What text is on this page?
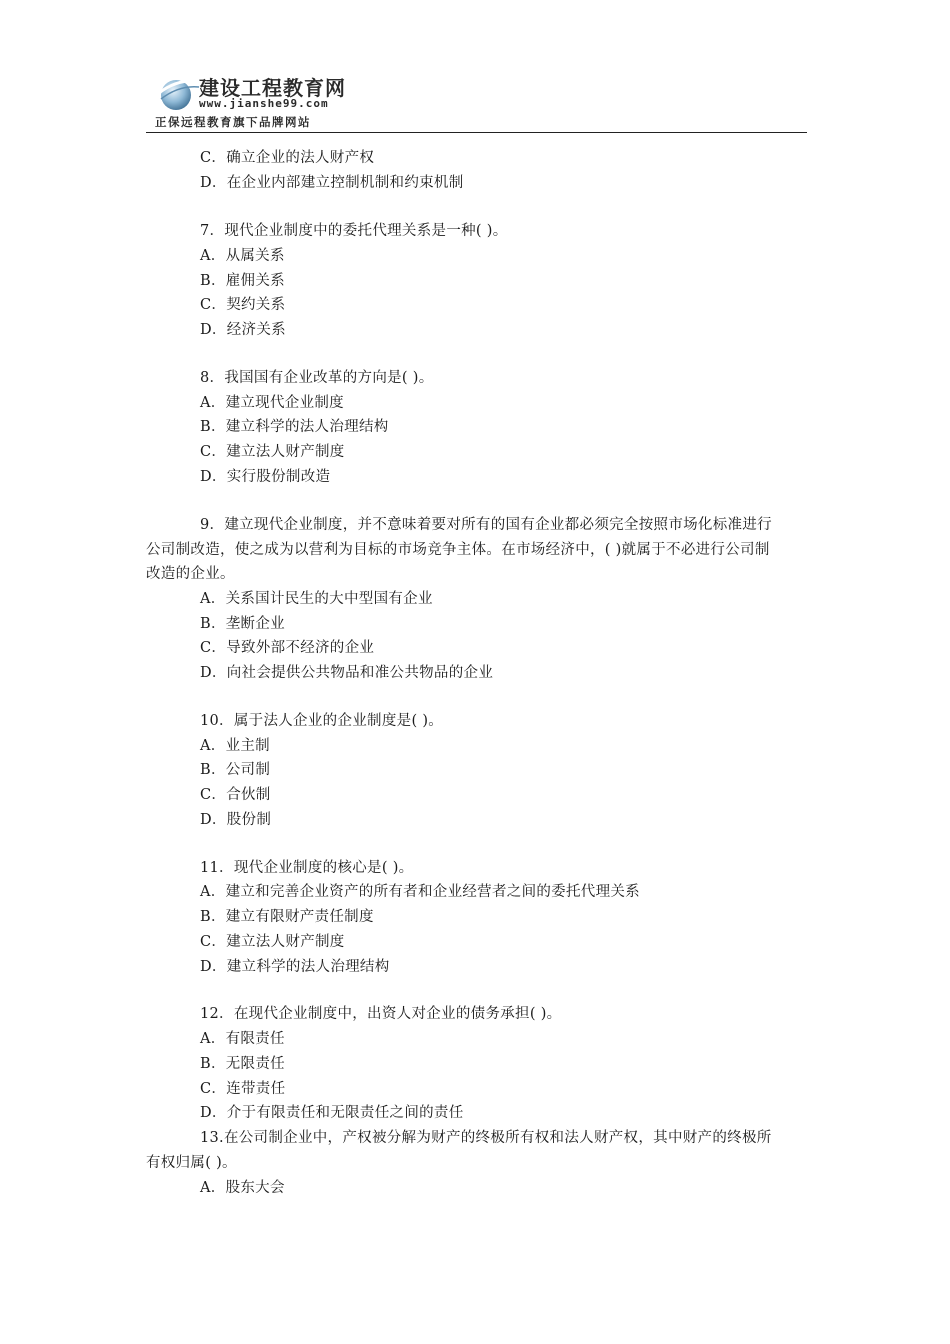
建设工程教育网
www.jianshe99.com
正保远程教育旗下品牌网站
C．确立企业的法人财产权
D．在企业内部建立控制机制和约束机制
7．现代企业制度中的委托代理关系是一种( )。
A．从属关系
B．雇佣关系
C．契约关系
D．经济关系
8．我国国有企业改革的方向是( )。
A．建立现代企业制度
B．建立科学的法人治理结构
C．建立法人财产制度
D．实行股份制改造
9．建立现代企业制度，并不意味着要对所有的国有企业都必须完全按照市场化标准进行
公司制改造，使之成为以营利为目标的市场竞争主体。在市场经济中，( )就属于不必进行公司制
改造的企业。
A．关系国计民生的大中型国有企业
B．垄断企业
C．导致外部不经济的企业
D．向社会提供公共物品和准公共物品的企业
10．属于法人企业的企业制度是( )。
A．业主制
B．公司制
C．合伙制
D．股份制
11．现代企业制度的核心是( )。
A．建立和完善企业资产的所有者和企业经营者之间的委托代理关系
B．建立有限财产责任制度
C．建立法人财产制度
D．建立科学的法人治理结构
12．在现代企业制度中，出资人对企业的债务承担( )。
A．有限责任
B．无限责任
C．连带责任
D．介于有限责任和无限责任之间的责任
13.在公司制企业中，产权被分解为财产的终极所有权和法人财产权，其中财产的终极所
有权归属( )。
A．股东大会
